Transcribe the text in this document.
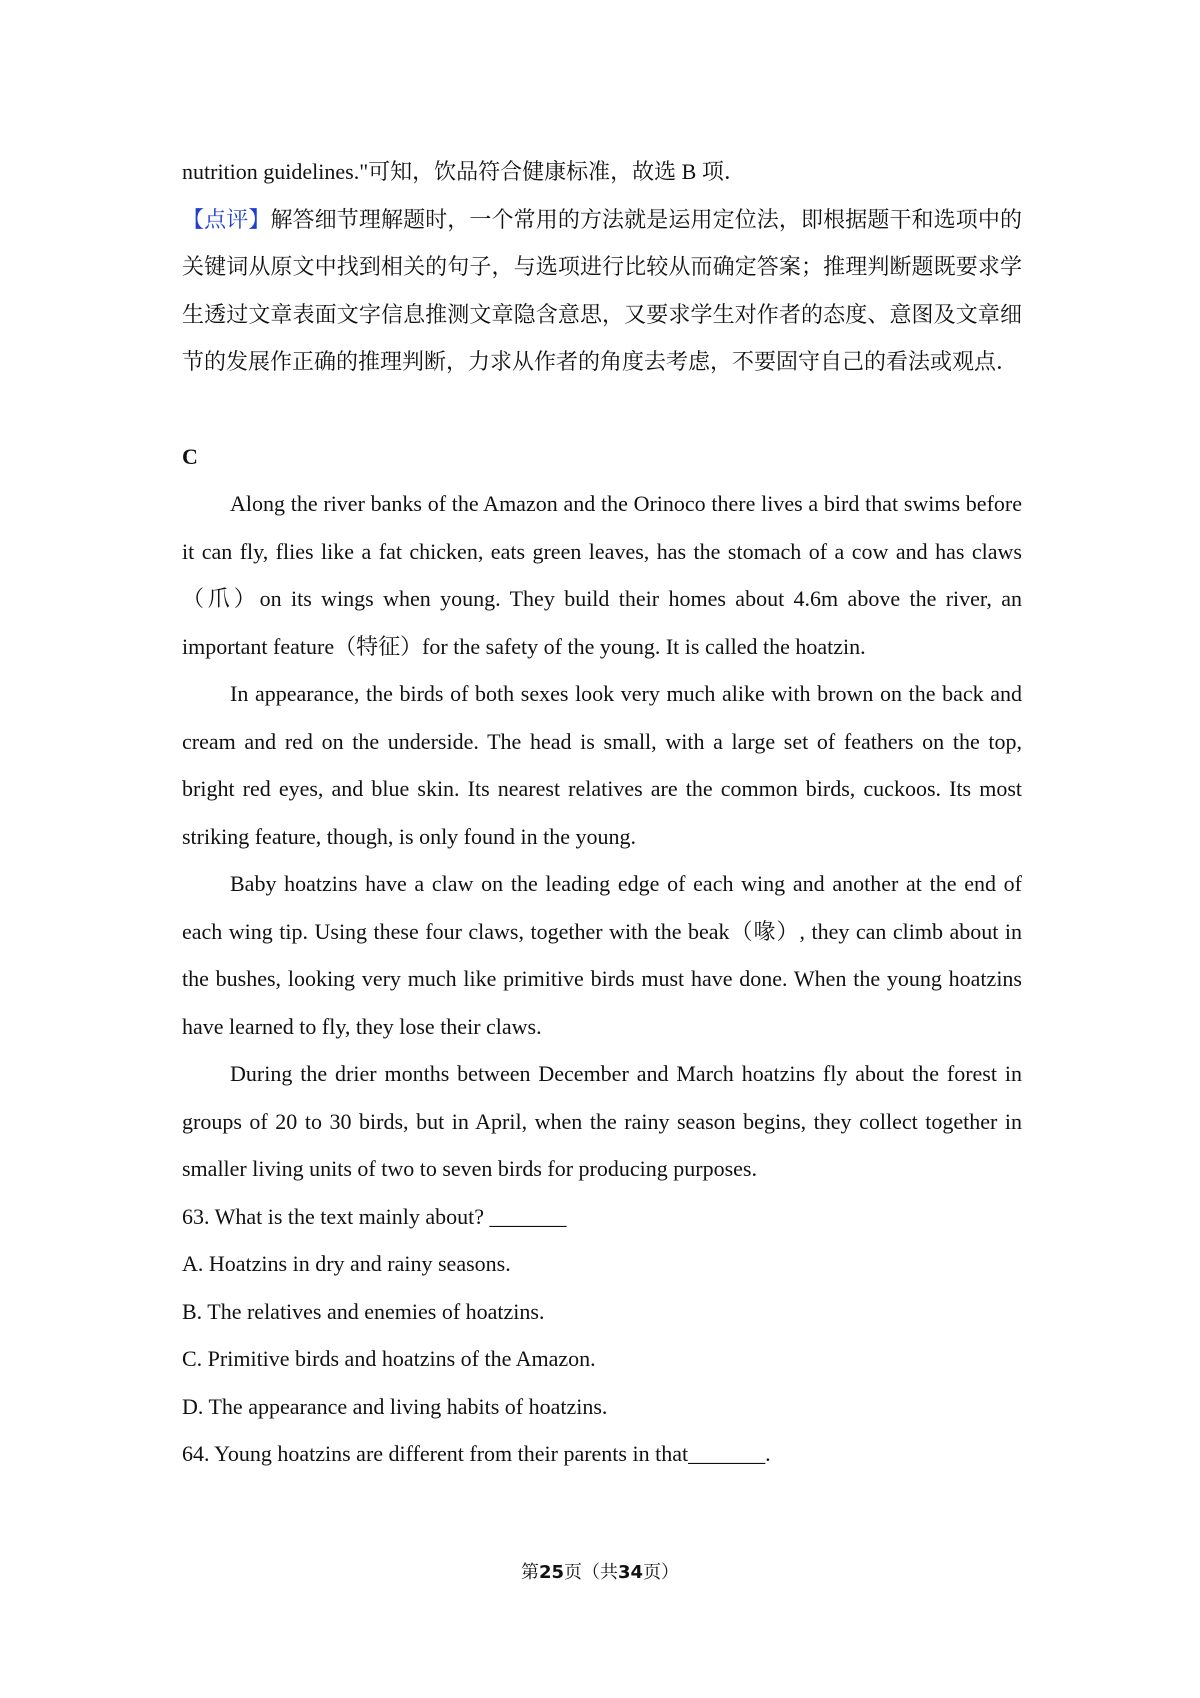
nutrition guidelines."可知，饮品符合健康标准，故选 B 项．

【点评】解答细节理解题时，一个常用的方法就是运用定位法，即根据题干和选项中的关键词从原文中找到相关的句子，与选项进行比较从而确定答案；推理判断题既要求学生透过文章表面文字信息推测文章隐含意思，又要求学生对作者的态度、意图及文章细节的发展作正确的推理判断，力求从作者的角度去考虑，不要固守自己的看法或观点．

C

Along the river banks of the Amazon and the Orinoco there lives a bird that swims before it can fly, flies like a fat chicken, eats green leaves, has the stomach of a cow and has claws（爪）on its wings when young. They build their homes about 4.6m above the river, an important feature（特征）for the safety of the young. It is called the hoatzin.

In appearance, the birds of both sexes look very much alike with brown on the back and cream and red on the underside. The head is small, with a large set of feathers on the top, bright red eyes, and blue skin. Its nearest relatives are the common birds, cuckoos. Its most striking feature, though, is only found in the young.

Baby hoatzins have a claw on the leading edge of each wing and another at the end of each wing tip. Using these four claws, together with the beak（喙）, they can climb about in the bushes, looking very much like primitive birds must have done. When the young hoatzins have learned to fly, they lose their claws.

During the drier months between December and March hoatzins fly about the forest in groups of 20 to 30 birds, but in April, when the rainy season begins, they collect together in smaller living units of two to seven birds for producing purposes.

63. What is the text mainly about? _______

A. Hoatzins in dry and rainy seasons.

B. The relatives and enemies of hoatzins.

C. Primitive birds and hoatzins of the Amazon.

D. The appearance and living habits of hoatzins.

64. Young hoatzins are different from their parents in that_______.

第25页（共34页）
